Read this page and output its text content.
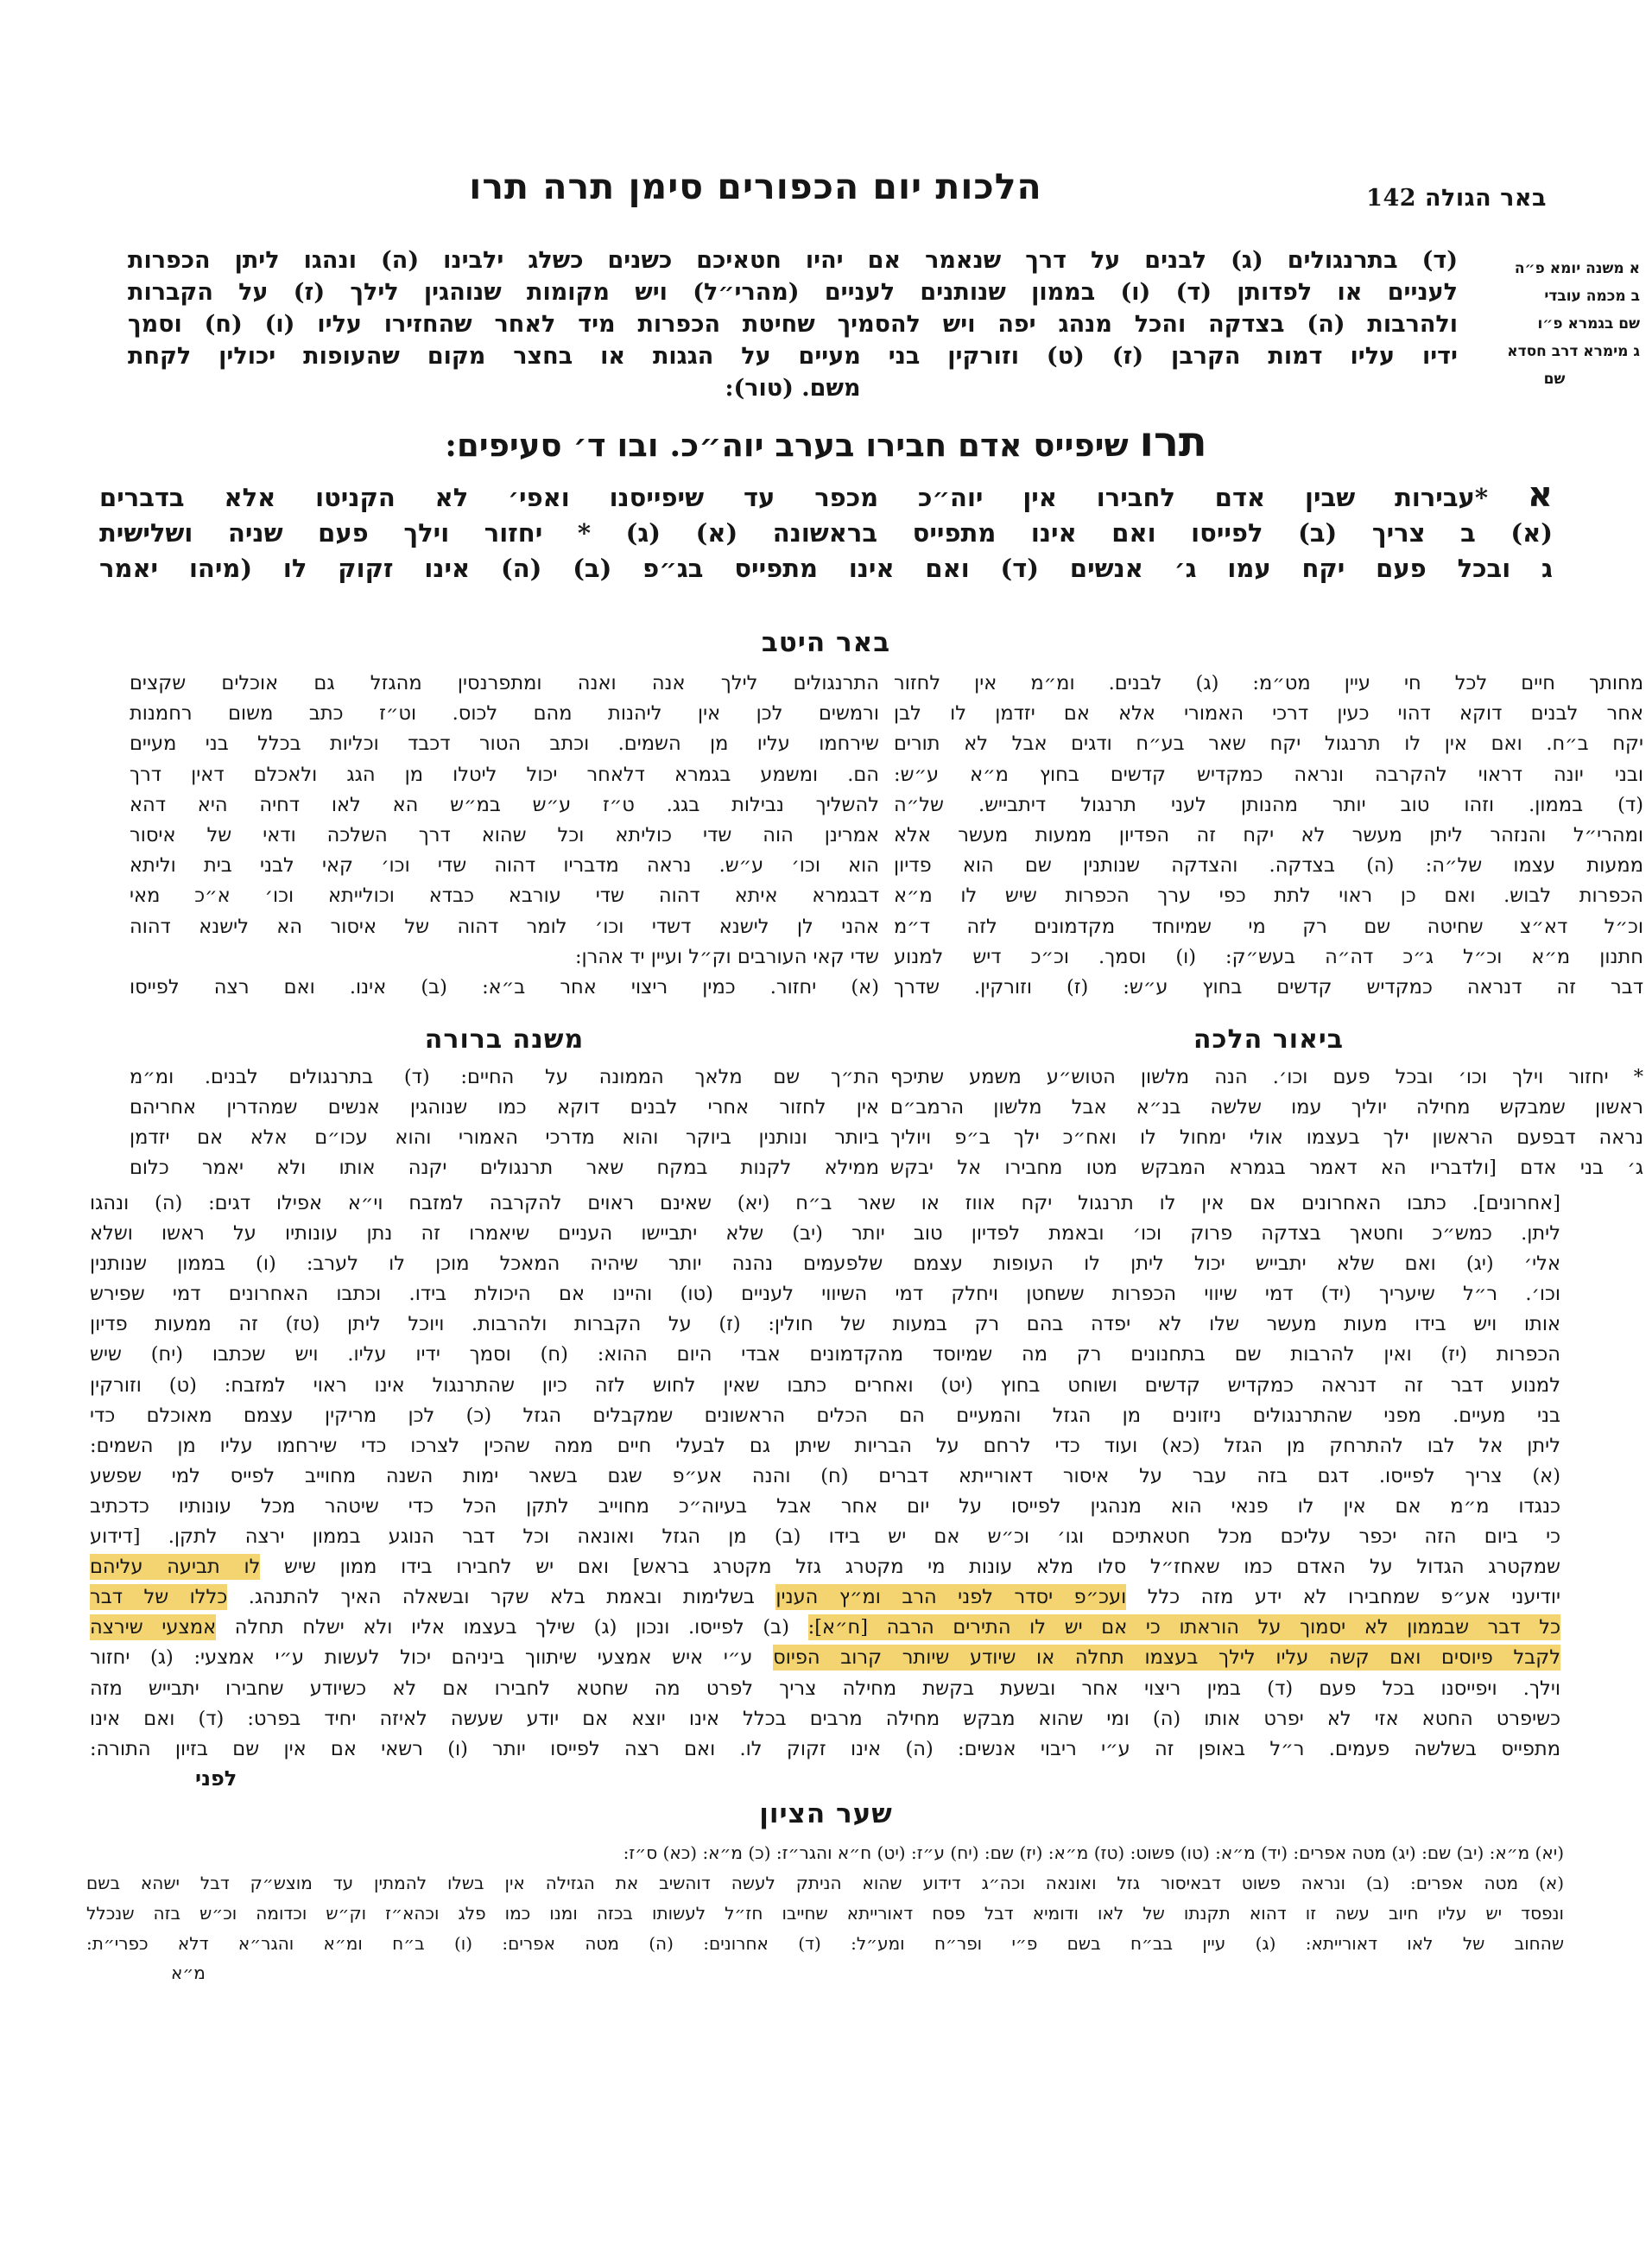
באר הגולה 142
הלכות יום הכפורים סימן תרה תרו
א משנה יומא פ״ה
ב מכמה עובדי
שם בגמרא פ״ו
ג מימרא דרב חסדא
שם
(ד) בתרנגולים (ג) לבנים על דרך שנאמר אם יהיו חטאיכם כשנים כשלג ילבינו (ה) ונהגו ליתן הכפרות
לעניים או לפדותן (ד) (ו) בממון שנותנים לעניים (מהרי״ל) ויש מקומות שנוהגין לילך (ז) על הקברות
ולהרבות (ה) בצדקה והכל מנהג יפה ויש להסמיך שחיטת הכפרות מיד לאחר שהחזירו עליו (ו) (ח) וסמך
ידיו עליו דמות הקרבן (ז) (ט) וזורקין בני מעיים על הגגות או בחצר מקום שהעופות יכולין לקחת
משם. (טור):
תרו שיפייס אדם חבירו בערב יוה״כ. ובו ד׳ סעיפים:
א *עבירות שבין אדם לחבירו אין יוה״כ מכפר עד שיפייסנו ואפי׳ לא הקניטו אלא בדברים
(א) ב צריך (ב) לפייסו ואם אינו מתפייס בראשונה (א) (ג) * יחזור וילך פעם שניה ושלישית
ג ובכל פעם יקח עמו ג׳ אנשים (ד) ואם אינו מתפייס בג״פ (ב) (ה) אינו זקוק לו (מיהו יאמר
באר היטב
מחותך חיים לכל חי עיין מט״מ: (ג) לבנים. ומ״מ אין לחזור
אחר לבנים דוקא דהוי כעין דרכי האמורי אלא אם יזדמן לו לבן
יקח ב״ח. ואם אין לו תרנגול יקח שאר בע״ח ודגים אבל לא תורים
ובני יונה דראוי להקרבה ונראה כמקדיש קדשים בחוץ מ״א ע״ש:
(ד) בממון. וזהו טוב יותר מהנותן לעני תרנגול דיתבייש. של״ה
ומהרי״ל והנזהר ליתן מעשר לא יקח זה הפדיון ממעות מעשר אלא
ממעות עצמו של״ה: (ה) בצדקה. והצדקה שנותנין שם הוא פדיון
הכפרות לבוש. ואם כן ראוי לתת כפי ערך הכפרות שיש לו מ״א
וכ״ל דא״צ שחיטה שם רק מי שמיוחד מקדמונים לזה ד״מ
חתנון מ״א וכ״ל ג״כ דה״ה בעש״ק: (ו) וסמך. וכ״כ דיש למנוע
דבר זה דנראה כמקדיש קדשים בחוץ ע״ש: (ז) וזורקין. שדרך
התרנגולים לילך אנה ואנה ומתפרנסין מהגזל גם אוכלים שקצים
ורמשים לכן אין ליהנות מהם לכוס. וט״ז כתב משום רחמנות
שירחמו עליו מן השמים. וכתב הטור דכבד וכליות בכלל בני מעיים
הם. ומשמע בגמרא דלאחר יכול ליטלו מן הגג ולאכלם דאין דרך
להשליך נבילות בגג. ט״ז ע״ש במ״ש הא לאו דחיה היא דהא
אמרינן הוה שדי כוליתא וכל שהוא דרך השלכה ודאי של איסור
הוא וכו׳ ע״ש. נראה מדבריו דהוה שדי וכו׳ קאי לבני בית וליתא
דבגמרא איתא דהוה שדי עורבא כבדא וכולייתא וכו׳ א״כ מאי
אהני לן לישנא דשדי וכו׳ לומר דהוה של איסור הא לישנא דהוה
שדי קאי העורבים וק״ל ועיין יד אהרן:
(א) יחזור. כמין ריצוי אחר ב״א: (ב) אינו. ואם רצה לפייסו
ביאור הלכה
משנה ברורה
* יחזור וילך וכו׳ ובכל פעם וכו׳. הנה מלשון הטוש״ע משמע שתיכף
ראשון שמבקש מחילה יוליך עמו שלשה בנ״א אבל מלשון הרמב״ם
נראה דבפעם הראשון ילך בעצמו אולי ימחול לו ואח״כ ילך ב״פ ויוליך
ג׳ בני אדם [ולדבריו הא דאמר בגמרא המבקש מטו מחבירו אל יבקש
הת״ך שם מלאך הממונה על החיים: (ד) בתרנגולים לבנים. ומ״מ
אין לחזור אחרי לבנים דוקא כמו שנוהגין אנשים שמהדרין אחריהם
ביותר ונותנין ביוקר והוא מדרכי האמורי והוא עכו״ם אלא אם יזדמן
ממילא לקנות במקח שאר תרנגולים יקנה אותו ולא יאמר כלום
[אחרונים]. כתבו האחרונים אם אין לו תרנגול יקח אווז או שאר ב״ח (יא) שאינם ראוים להקרבה למזבח וי״א אפילו דגים: (ה) ונהגו
ליתן. כמש״כ וחטאך בצדקה פרוק וכו׳ ובאמת לפדיון טוב יותר (יב) שלא יתביישו העניים שיאמרו זה נתן עונותיו על ראשו ושלא
אלי׳ (יג) ואם שלא יתבייש יכול ליתן לו העופות עצמם שלפעמים נהנה יותר שיהיה המאכל מוכן לו לערב: (ו) בממון שנותנין
וכו׳. ר״ל שיעריך (יד) דמי שיווי הכפרות ששחטן ויחלק דמי השיווי לעניים (טו) והיינו אם היכולת בידו. וכתבו האחרונים דמי שפירש
אותו ויש בידו מעות מעשר שלו לא יפדה בהם רק במעות של חולין: (ז) על הקברות ולהרבות. ויוכל ליתן (טז) זה ממעות פדיון
הכפרות (יז) ואין להרבות שם בתחנונים רק מה שמיוסד מהקדמונים אבדי היום ההוא: (ח) וסמך ידיו עליו. ויש שכתבו (יח) שיש
למנוע דבר זה דנראה כמקדיש קדשים ושוחט בחוץ (יט) ואחרים כתבו שאין לחוש לזה כיון שהתרנגול אינו ראוי למזבח: (ט) וזורקין
בני מעיים. מפני שהתרנגולים ניזונים מן הגזל והמעיים הם הכלים הראשונים שמקבלים הגזל (כ) לכן מריקין עצמם מאוכלם כדי
ליתן אל לבו להתרחק מן הגזל (כא) ועוד כדי לרחם על הבריות שיתן גם לבעלי חיים ממה שהכין לצרכו כדי שירחמו עליו מן השמים:
(א) צריך לפייסו. דגם בזה עבר על איסור דאורייתא דברים (ח) והנה אע״פ שגם בשאר ימות השנה מחוייב לפייס למי שפשע
כנגדו מ״מ אם אין לו פנאי הוא מנהגין לפייסו על יום אחר אבל בעיוה״כ מחוייב לתקן הכל כדי שיטהר מכל עונותיו כדכתיב
כי ביום הזה יכפר עליכם מכל חטאתיכם וגו׳ וכ״ש אם יש בידו (ב) מן הגזל ואונאה וכל דבר הנוגע בממון ירצה לתקן. [דידוע
שמקטרג הגדול על האדם כמו שאחז״ל סלו מלא עונות מי מקטרג גזל מקטרג בראש] ואם יש לחבירו בידו ממון שיש לו תביעה עליהם
יודיעני אע״פ שמחבירו לא ידע מזה כלל ועכ״פ יסדר לפני הרב ומ״ץ הענין בשלימות ובאמת בלא שקר ובשאלה האיך להתנהג. כללו של דבר
כל דבר שבממון לא יסמוך על הוראתו כי אם יש לו התירים הרבה [ח״א]: (ב) לפייסו. ונכון (ג) שילך בעצמו אליו ולא ישלח תחלה אמצעי שירצה
לקבל פיוסים ואם קשה עליו לילך בעצמו תחלה או שיודע שיותר קרוב הפיוס ע״י איש אמצעי שיתווך ביניהם יכול לעשות ע״י אמצעי: (ג) יחזור
וילך. ויפייסנו בכל פעם (ד) במין ריצוי אחר ובשעת בקשת מחילה צריך לפרט מה שחטא לחבירו אם לא כשיודע שחבירו יתבייש מזה
כשיפרט החטא אזי לא יפרט אותו (ה) ומי שהוא מבקש מחילה מרבים בכלל אינו יוצא אם יודע שעשה לאיזה יחיד בפרט: (ד) ואם אינו
מתפייס בשלשה פעמים. ר״ל באופן זה ע״י ריבוי אנשים: (ה) אינו זקוק לו. ואם רצה לפייסו יותר (ו) רשאי אם אין שם בזיון התורה:
לפני
שער הציון
(יא) מ״א: (יב) שם: (יג) מטה אפרים: (יד) מ״א: (טו) פשוט: (טז) מ״א: (יז) שם: (יח) ע״ז: (יט) ח״א והגר״ז: (כ) מ״א: (כא) ס״ז:
(א) מטה אפרים: (ב) ונראה פשוט דבאיסור גזל ואונאה וכה״ג דידוע שהוא הניתק לעשה דוהשיב את הגזילה אין בשלו להמתין עד מוצש״ק דבל ישהא בשם
ונפסד יש עליו חיוב עשה זו דהוא תקנתו של לאו ודומיא דבל פסח דאורייתא שחייבו חז״ל לעשותו בכזה ומנו כמו פלג וכהא״ז וק״ש וכדומה וכ״ש בזה שנכלל
שהחוב של לאו דאורייתא: (ג) עיין בב״ח בשם פ״י ופר״ח ומע״ל: (ד) אחרונים: (ה) מטה אפרים: (ו) ב״ח ומ״א והגר״א דלא כפרי״ת:
מ״א
